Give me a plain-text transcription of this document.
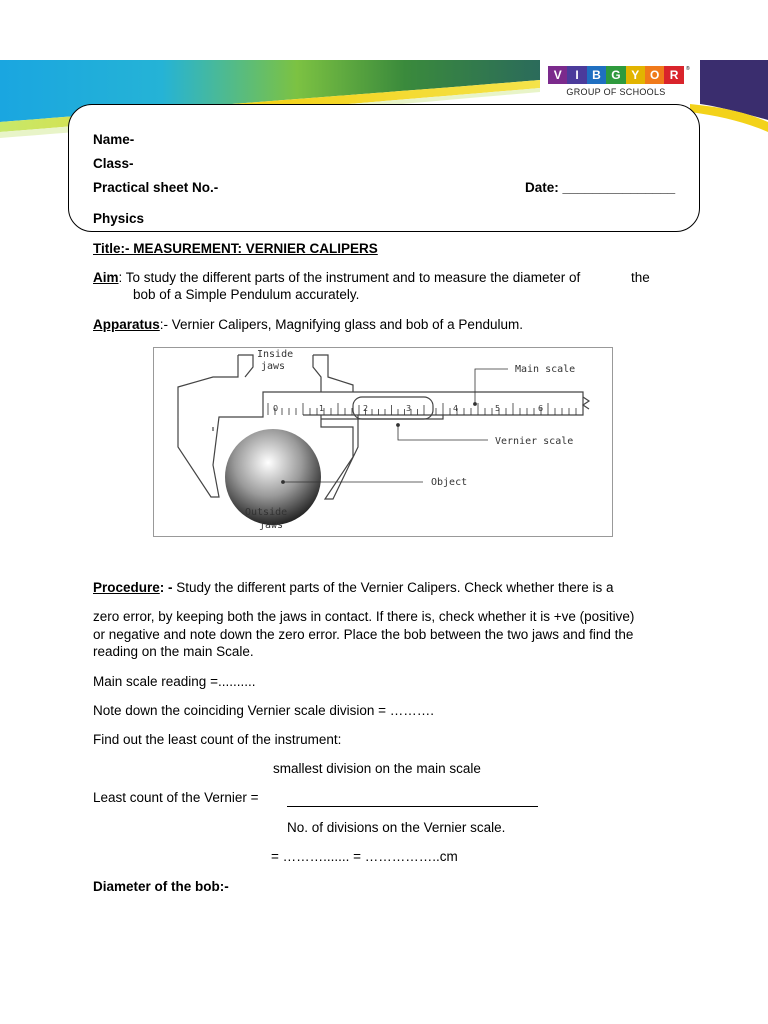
V	I	B G Y O R
GROUP OF SCHOOLS
®
Name-
Class-
Practical sheet No.-	Date: _______________
Physics
Title:- MEASUREMENT: VERNIER CALIPERS
Aim: To study the different parts of the instrument and to measure the diameter of	the
bob of a Simple Pendulum accurately.
Apparatus:- Vernier Calipers, Magnifying glass and bob of a Pendulum.
Inside
jaws	Main scale
Vernier scale
Object
Outside
jaws
0	1	2	3	4	5	6
Procedure: - Study the different parts of the Vernier Calipers. Check whether there is a
zero error, by keeping both the jaws in contact. If there is, check whether it is +ve (positive)
or negative and note down the zero error. Place the bob between the two jaws and find the
reading on the main Scale.
Main scale reading =..........
Note down the coinciding Vernier scale division = ……….
Find out the least count of the instrument:
smallest division on the main scale
Least count of the Vernier =
No. of divisions on the Vernier scale.
= ………....... = ……………..cm
Diameter of the bob:-
